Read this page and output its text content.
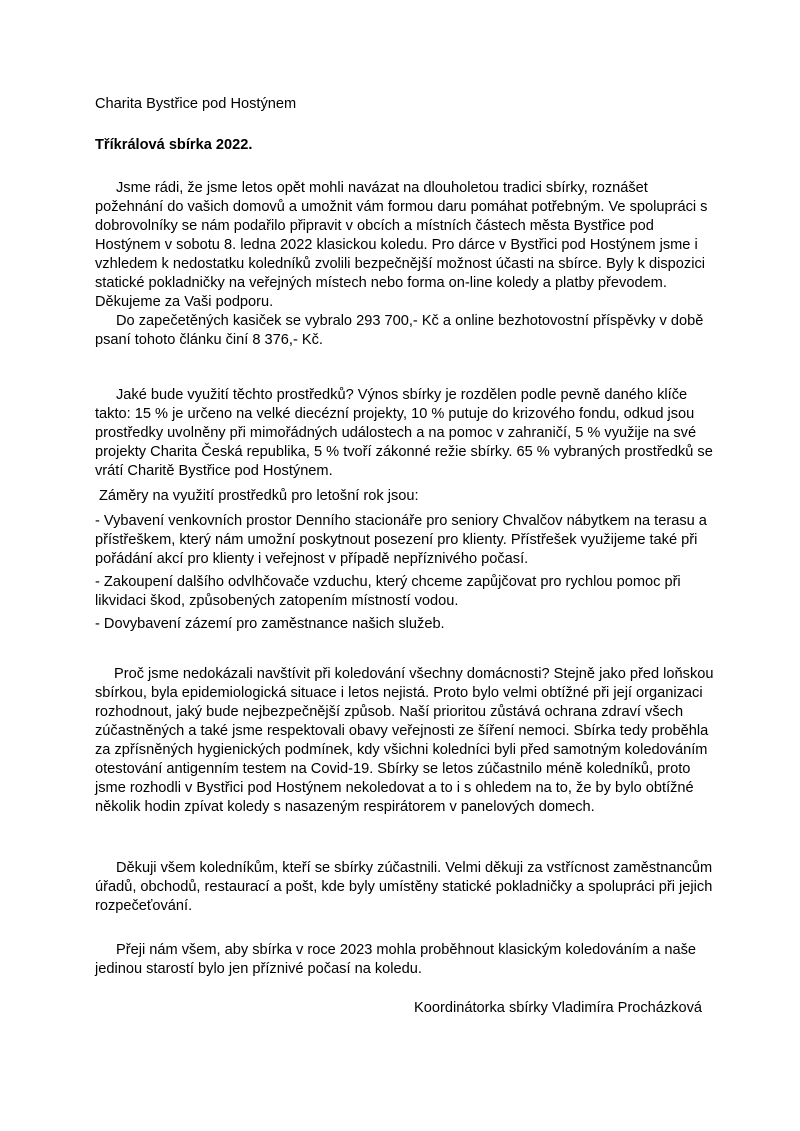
Charita Bystřice pod Hostýnem

Tříkrálová sbírka 2022.

Jsme rádi, že jsme letos opět mohli navázat na dlouholetou tradici sbírky, roznášet požehnání do vašich domovů a umožnit vám formou daru pomáhat potřebným. Ve spolupráci s dobrovolníky se nám podařilo připravit v obcích a místních částech města Bystřice pod Hostýnem v sobotu 8. ledna 2022 klasickou koledu. Pro dárce v Bystřici pod Hostýnem jsme i vzhledem k nedostatku koledníků zvolili bezpečnější možnost účasti na sbírce. Byly k dispozici statické pokladničky na veřejných místech nebo forma on-line koledy a platby převodem. Děkujeme za Vaši podporu.

Do zapečetěných kasiček se vybralo 293 700,- Kč a online bezhotovostní příspěvky v době psaní tohoto článku činí 8 376,- Kč.

Jaké bude využití těchto prostředků? Výnos sbírky je rozdělen podle pevně daného klíče takto: 15 % je určeno na velké diecézní projekty, 10 % putuje do krizového fondu, odkud jsou prostředky uvolněny při mimořádných událostech a na pomoc v zahraničí, 5 % využije na své projekty Charita Česká republika, 5 % tvoří zákonné režie sbírky. 65 % vybraných prostředků se vrátí Charitě Bystřice pod Hostýnem.

Záměry na využití prostředků pro letošní rok jsou:

- Vybavení venkovních prostor Denního stacionáře pro seniory Chvalčov nábytkem na terasu a přístřeškem, který nám umožní poskytnout posezení pro klienty. Přístřešek využijeme také při pořádání akcí pro klienty i veřejnost v případě nepříznivého počasí.

- Zakoupení dalšího odvlhčovače vzduchu, který chceme zapůjčovat pro rychlou pomoc při likvidaci škod, způsobených zatopením místností vodou.

- Dovybavení zázemí pro zaměstnance našich služeb.

Proč jsme nedokázali navštívit při koledování všechny domácnosti? Stejně jako před loňskou sbírkou, byla epidemiologická situace i letos nejistá. Proto bylo velmi obtížné při její organizaci rozhodnout, jaký bude nejbezpečnější způsob. Naší prioritou zůstává ochrana zdraví všech zúčastněných a také jsme respektovali obavy veřejnosti ze šíření nemoci. Sbírka tedy proběhla za zpřísněných hygienických podmínek, kdy všichni koledníci byli před samotným koledováním otestování antigenním testem na Covid-19. Sbírky se letos zúčastnilo méně koledníků, proto jsme rozhodli v Bystřici pod Hostýnem nekoledovat a to i s ohledem na to, že by bylo obtížné několik hodin zpívat koledy s nasazeným respirátorem v panelových domech.

Děkuji všem koledníkům, kteří se sbírky zúčastnili. Velmi děkuji za vstřícnost zaměstnancům úřadů, obchodů, restaurací a pošt, kde byly umístěny statické pokladničky a spolupráci při jejich rozpečeťování.

Přeji nám všem, aby sbírka v roce 2023 mohla proběhnout klasickým koledováním a naše jedinou starostí bylo jen příznivé počasí na koledu.

Koordinátorka sbírky Vladimíra Procházková
